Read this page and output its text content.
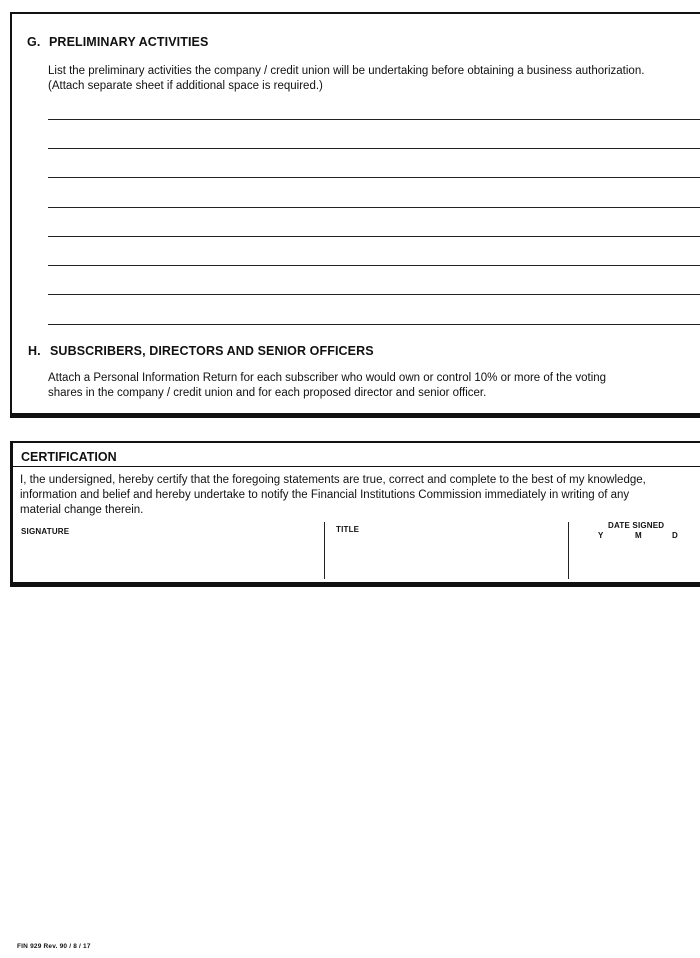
G. PRELIMINARY ACTIVITIES
List the preliminary activities the company / credit union will be undertaking before obtaining a business authorization.
(Attach separate sheet if additional space is required.)
H. SUBSCRIBERS, DIRECTORS AND SENIOR OFFICERS
Attach a Personal Information Return for each subscriber who would own or control 10% or more of the voting
shares in the company / credit union and for each proposed director and senior officer.
CERTIFICATION
I, the undersigned, hereby certify that the foregoing statements are true, correct and complete to the best of my knowledge,
information and belief and hereby undertake to notify the Financial Institutions Commission immediately in writing of any
material change therein.
SIGNATURE	TITLE	DATE SIGNED
Y	M	D
FIN 929 Rev. 90 / 8 / 17
